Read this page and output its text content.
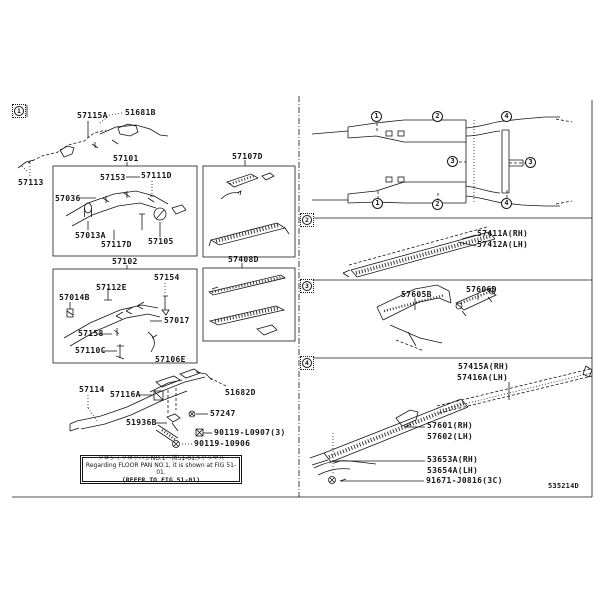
1
2
3
4
1	2	4
3	3
1	2	4
57115A 51681B
57101
57113
57153 57111D
57036
57013A
57117D 57105
57102
57107D
57408D
57112E
57154
57014B
57017
57158
57110C
57106E
57114
57116A	51682D
57247
51936B
90119-L0907(3)
90119-10906
57411A(RH)
57412A(LH)
57605B
57606D
57415A(RH)
57416A(LH)
57601(RH)
57602(LH)
53653A(RH)
53654A(LH)
91671-J0816(3C)
フロントフロアパンNO.1ハ図51-01ニアリマス
Regarding FLOOR PAN NO.1, it is shown at FIG 51-01.
(REFER TO FIG 51-01)
535214D
